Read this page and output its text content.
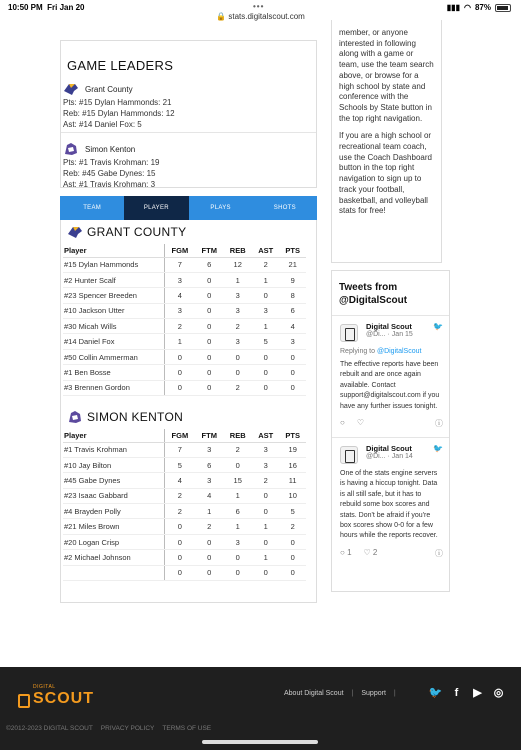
10:50 PM Fri Jan 20	•••	▮▮▮ ◠ 87%
🔒 stats.digitalscout.com
GAME LEADERS
Grant County
Pts: #15 Dylan Hammonds: 21
Reb: #15 Dylan Hammonds: 12
Ast: #14 Daniel Fox: 5
Simon Kenton
Pts: #1 Travis Krohman: 19
Reb: #45 Gabe Dynes: 15
Ast: #1 Travis Krohman: 3
TEAM	PLAYER	PLAYS	SHOTS
GRANT COUNTY
Player	FGM	FTM	REB	AST	PTS
#15 Dylan Hammonds	7	6	12	2	21
#2 Hunter Scalf	3	0	1	1	9
#23 Spencer Breeden	4	0	3	0	8
#10 Jackson Utter	3	0	3	3	6
#30 Micah Wills	2	0	2	1	4
#14 Daniel Fox	1	0	3	5	3
#50 Collin Ammerman	0	0	0	0	0
#1 Ben Bosse	0	0	0	0	0
#3 Brennen Gordon	0	0	2	0	0
SIMON KENTON
Player	FGM	FTM	REB	AST	PTS
#1 Travis Krohman	7	3	2	3	19
#10 Jay Bilton	5	6	0	3	16
#45 Gabe Dynes	4	3	15	2	11
#23 Isaac Gabbard	2	4	1	0	10
#4 Brayden Polly	2	1	6	0	5
#21 Miles Brown	0	2	1	1	2
#20 Logan Crisp	0	0	3	0	0
#2 Michael Johnson	0	0	0	1	0
	0	0	0	0	0

member, or anyone interested in following along with a game or team, use the team search above, or browse for a high school by state and conference with the Schools by State button in the top right navigation.

If you are a high school or recreational team coach, use the Coach Dashboard button in the top right navigation to sign up to track your football, basketball, and volleyball stats for free!

Tweets from @DigitalScout
Digital Scout
@Di... · Jan 15
🐦
Replying to @DigitalScout
The effective reports have been rebuilt and are once again available. Contact support@digitalscout.com if you have any further issues tonight.
○ ♡	ⓘ
Digital Scout
@Di... · Jan 14
🐦
One of the stats engine servers is having a hiccup tonight. Data is all still safe, but it has to rebuild some box scores and stats. Don't be afraid if you're box scores show 0-0 for a few hours while the reports recover.
○ 1 ♡ 2	ⓘ
DIGITAL
SCOUT	About Digital Scout | Support |	🐦	f	▶ ◎
©2012-2023 DIGITAL SCOUT PRIVACY POLICY TERMS OF USE
